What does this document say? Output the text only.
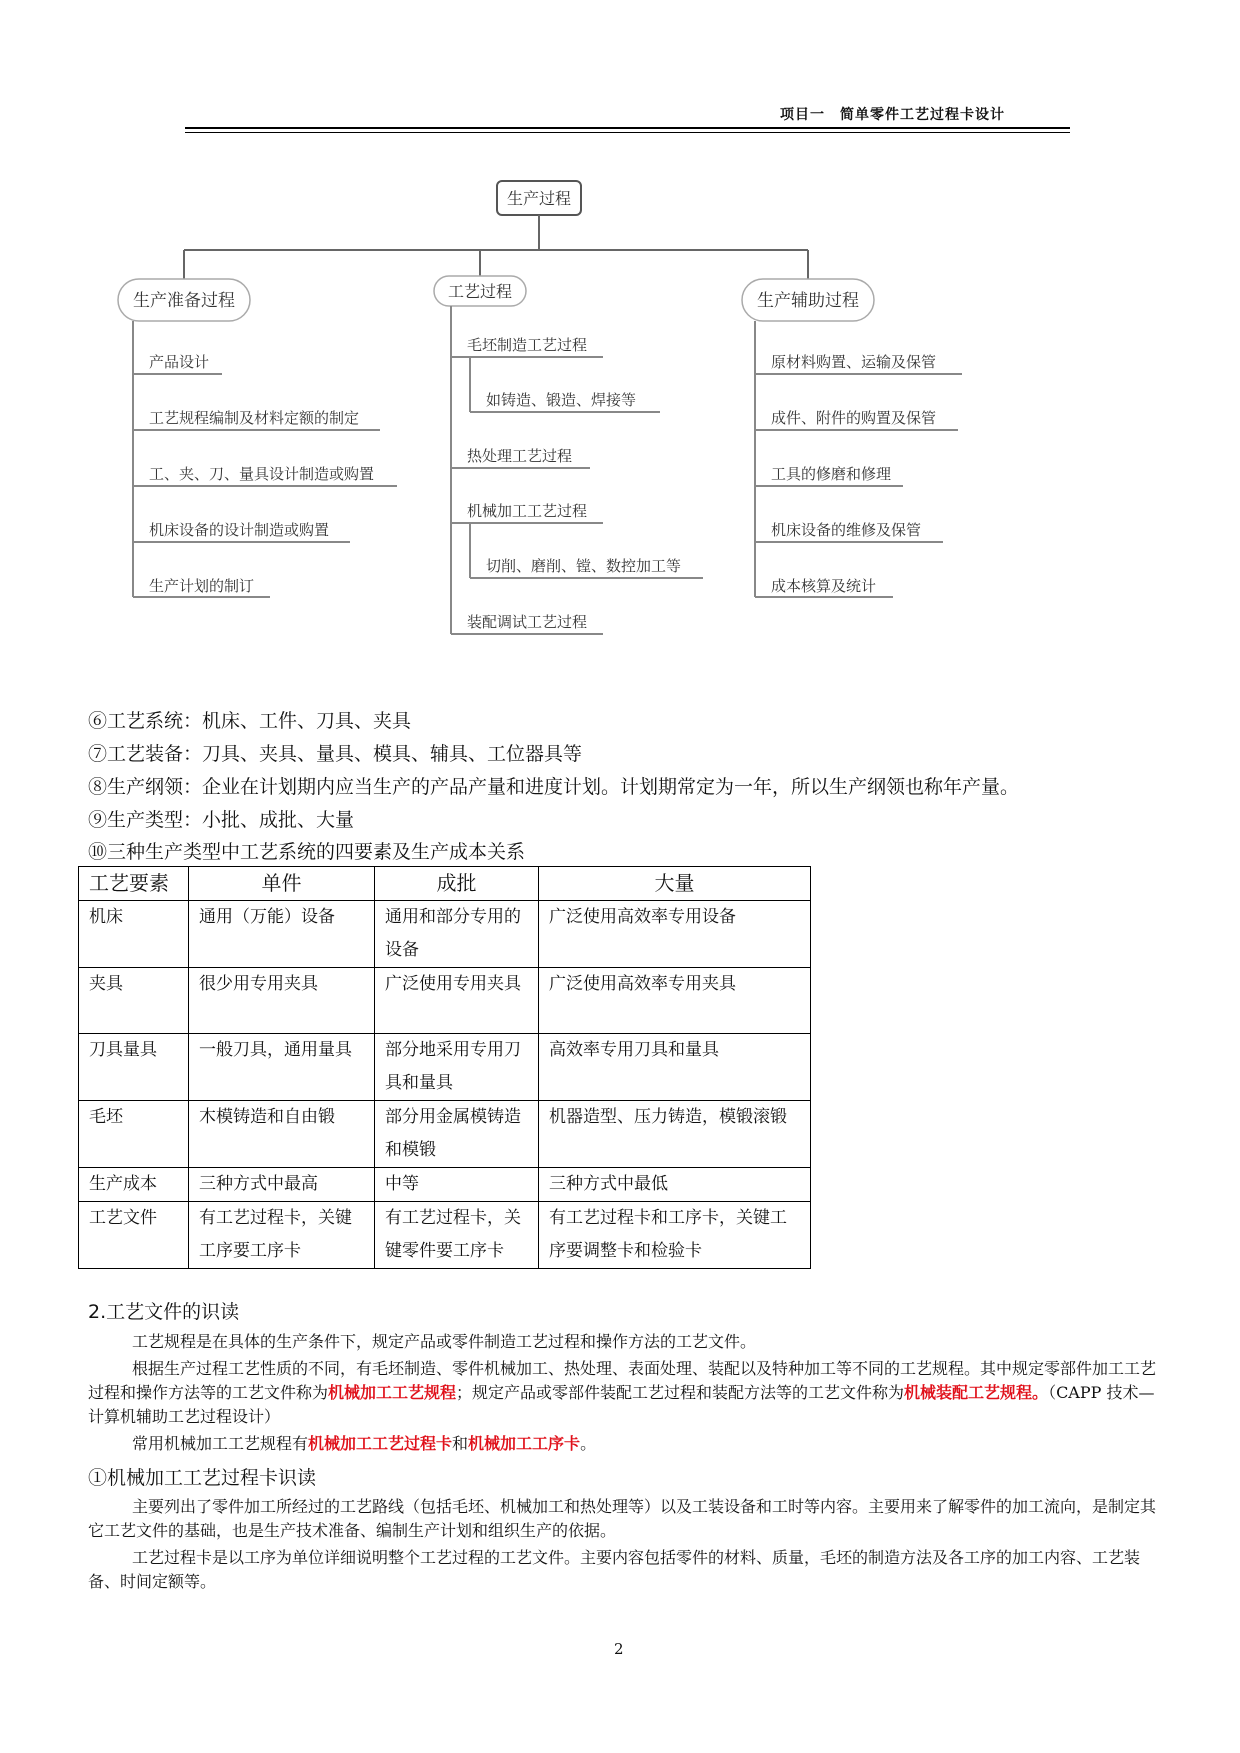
项目一　简单零件工艺过程卡设计
生产过程
生产准备过程	工艺过程	生产辅助过程
产品设计
工艺规程编制及材料定额的制定
工、夹、刀、量具设计制造或购置
机床设备的设计制造或购置
生产计划的制订
毛坯制造工艺过程
如铸造、锻造、焊接等
热处理工艺过程
机械加工工艺过程
切削、磨削、镗、数控加工等
装配调试工艺过程
原材料购置、运输及保管
成件、附件的购置及保管
工具的修磨和修理
机床设备的维修及保管
成本核算及统计
⑥工艺系统：机床、工件、刀具、夹具
⑦工艺装备：刀具、夹具、量具、模具、辅具、工位器具等
⑧生产纲领：企业在计划期内应当生产的产品产量和进度计划。计划期常定为一年，所以生产纲领也称年产量。
⑨生产类型：小批、成批、大量
⑩三种生产类型中工艺系统的四要素及生产成本关系
工艺要素	单件	成批	大量
机床	通用（万能）设备	通用和部分专用的设备	广泛使用高效率专用设备
夹具	很少用专用夹具	广泛使用专用夹具	广泛使用高效率专用夹具
刀具量具	一般刀具，通用量具	部分地采用专用刀具和量具	高效率专用刀具和量具
毛坯	木模铸造和自由锻	部分用金属模铸造和模锻	机器造型、压力铸造，模锻滚锻
生产成本	三种方式中最高	中等	三种方式中最低
工艺文件	有工艺过程卡，关键工序要工序卡	有工艺过程卡，关键零件要工序卡	有工艺过程卡和工序卡，关键工序要调整卡和检验卡
2.工艺文件的识读
工艺规程是在具体的生产条件下，规定产品或零件制造工艺过程和操作方法的工艺文件。
根据生产过程工艺性质的不同，有毛坯制造、零件机械加工、热处理、表面处理、装配以及特种加工等不同的工艺规程。其中规定零部件加工工艺过程和操作方法等的工艺文件称为机械加工工艺规程；规定产品或零部件装配工艺过程和装配方法等的工艺文件称为机械装配工艺规程。（CAPP 技术—计算机辅助工艺过程设计）
常用机械加工工艺规程有机械加工工艺过程卡和机械加工工序卡。
①机械加工工艺过程卡识读
主要列出了零件加工所经过的工艺路线（包括毛坯、机械加工和热处理等）以及工装设备和工时等内容。主要用来了解零件的加工流向，是制定其它工艺文件的基础，也是生产技术准备、编制生产计划和组织生产的依据。
工艺过程卡是以工序为单位详细说明整个工艺过程的工艺文件。主要内容包括零件的材料、质量，毛坯的制造方法及各工序的加工内容、工艺装备、时间定额等。
2
